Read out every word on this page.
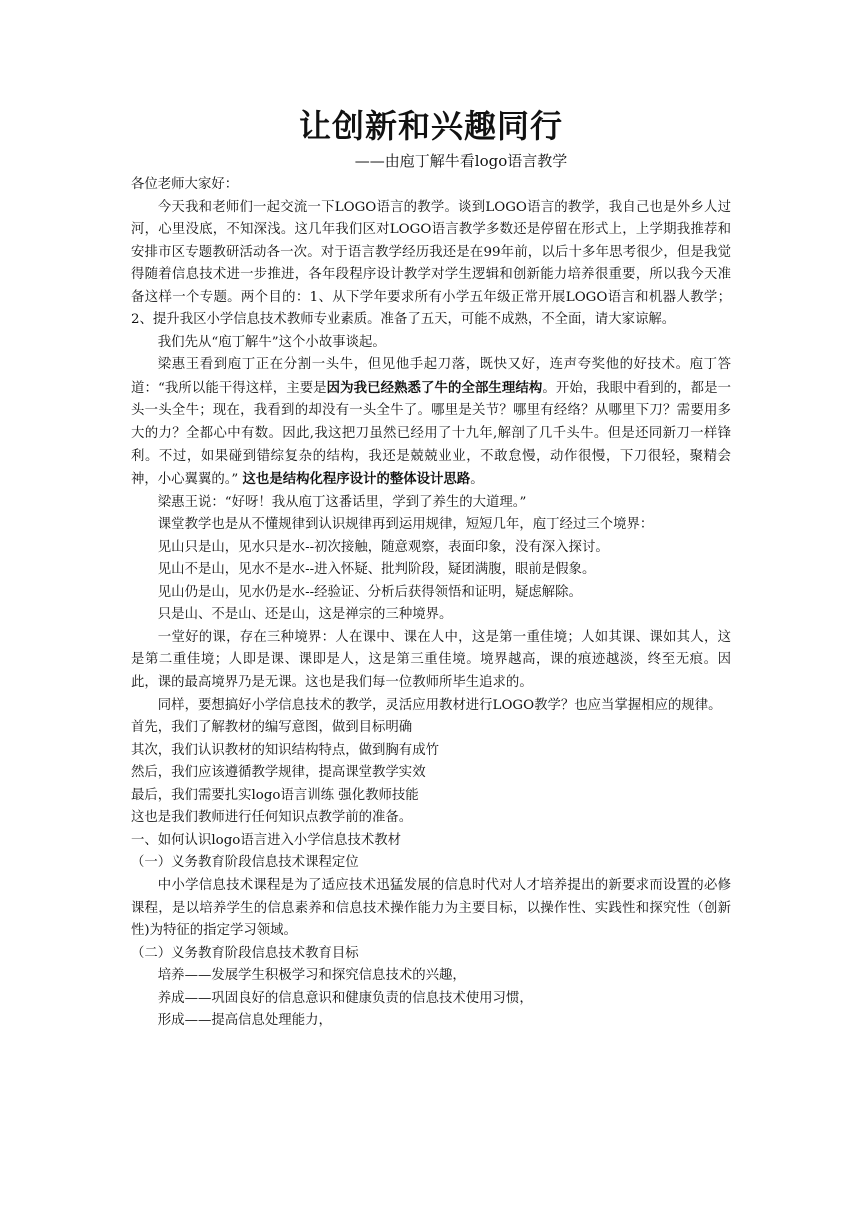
让创新和兴趣同行
——由庖丁解牛看logo语言教学

各位老师大家好：

今天我和老师们一起交流一下LOGO语言的教学。谈到LOGO语言的教学，我自己也是外乡人过河，心里没底，不知深浅。这几年我们区对LOGO语言教学多数还是停留在形式上，上学期我推荐和安排市区专题教研活动各一次。对于语言教学经历我还是在99年前，以后十多年思考很少，但是我觉得随着信息技术进一步推进，各年段程序设计教学对学生逻辑和创新能力培养很重要，所以我今天准备这样一个专题。两个目的：1、从下学年要求所有小学五年级正常开展LOGO语言和机器人教学；2、提升我区小学信息技术教师专业素质。准备了五天，可能不成熟，不全面，请大家谅解。

我们先从“庖丁解牛”这个小故事谈起。

梁惠王看到庖丁正在分割一头牛，但见他手起刀落，既快又好，连声夸奖他的好技术。庖丁答道：“我所以能干得这样，主要是因为我已经熟悉了牛的全部生理结构。开始，我眼中看到的，都是一头一头全牛；现在，我看到的却没有一头全牛了。哪里是关节？哪里有经络？从哪里下刀？需要用多大的力？全都心中有数。因此,我这把刀虽然已经用了十九年,解剖了几千头牛。但是还同新刀一样锋利。不过，如果碰到错综复杂的结构，我还是兢兢业业，不敢怠慢，动作很慢，下刀很轻，聚精会神，小心翼翼的。” 这也是结构化程序设计的整体设计思路。

梁惠王说：“好呀！我从庖丁这番话里，学到了养生的大道理。”

课堂教学也是从不懂规律到认识规律再到运用规律，短短几年，庖丁经过三个境界：

见山只是山，见水只是水--初次接触，随意观察，表面印象，没有深入探讨。

见山不是山，见水不是水--进入怀疑、批判阶段，疑团满腹，眼前是假象。

见山仍是山，见水仍是水--经验证、分析后获得领悟和证明，疑虑解除。

只是山、不是山、还是山，这是禅宗的三种境界。

一堂好的课，存在三种境界：人在课中、课在人中，这是第一重佳境；人如其课、课如其人，这是第二重佳境；人即是课、课即是人，这是第三重佳境。境界越高，课的痕迹越淡，终至无痕。因此，课的最高境界乃是无课。这也是我们每一位教师所毕生追求的。

同样，要想搞好小学信息技术的教学，灵活应用教材进行LOGO教学？也应当掌握相应的规律。

首先，我们了解教材的编写意图，做到目标明确

其次，我们认识教材的知识结构特点，做到胸有成竹

然后，我们应该遵循教学规律，提高课堂教学实效

最后，我们需要扎实logo语言训练 强化教师技能

这也是我们教师进行任何知识点教学前的准备。

一、如何认识logo语言进入小学信息技术教材

（一）义务教育阶段信息技术课程定位

中小学信息技术课程是为了适应技术迅猛发展的信息时代对人才培养提出的新要求而设置的必修课程，是以培养学生的信息素养和信息技术操作能力为主要目标，以操作性、实践性和探究性（创新性)为特征的指定学习领域。

（二）义务教育阶段信息技术教育目标

培养——发展学生积极学习和探究信息技术的兴趣，

养成——巩固良好的信息意识和健康负责的信息技术使用习惯，

形成——提高信息处理能力，
